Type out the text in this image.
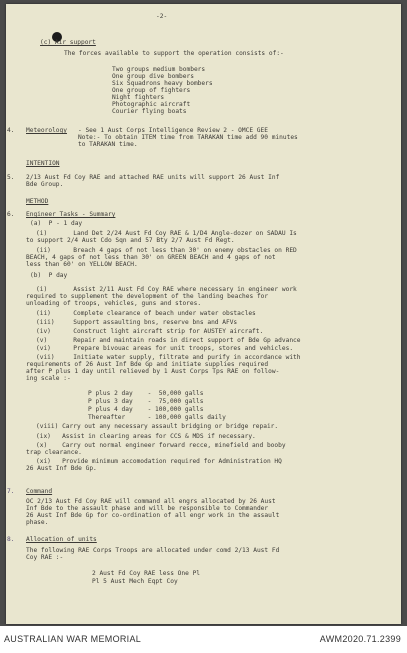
-2-
(c) Air support
The forces available to support the operation consists of:-
Two groups medium bombers
One group dive bombers
Six Squadrons heavy bombers
One group of fighters
Night fighters
Photographic aircraft
Courier flying boats
4. Meteorology - See 1 Aust Corps Intelligence Review 2 - OMCE GEE
Note:- To obtain ITEM time from TARAKAN time add 90 minutes
to TARAKAN time.
INTENTION
5. 2/13 Aust Fd Coy RAE and attached RAE units will support 26 Aust Inf
Bde Group.
METHOD
6. Engineer Tasks - Summary
(a)  P - 1 day
(i)       Land Det 2/24 Aust Fd Coy RAE & 1/D4 Angle-dozer on SADAU Is
to support 2/4 Aust Cdo Sqn and 57 Bty 2/7 Aust Fd Regt.
(ii)      Breach 4 gaps of not less than 30' on enemy obstacles on RED
BEACH, 4 gaps of not less than 30' on GREEN BEACH and 4 gaps of not
less than 60' on YELLOW BEACH.
(b)  P day
(i)       Assist 2/11 Aust Fd Coy RAE where necessary in engineer work
required to supplement the development of the landing beaches for
unloading of troops, vehicles, guns and stores.
(ii)      Complete clearance of beach under water obstacles
(iii)     Support assaulting bns, reserve bns and AFVs
(iv)      Construct light aircraft strip for AUSTEY aircraft.
(v)       Repair and maintain roads in direct support of Bde Gp advance
(vi)      Prepare bivouac areas for unit troops, stores and vehicles.
(vii)     Initiate water supply, filtrate and purify in accordance with
requirements of 26 Aust Inf Bde Gp and initiate supplies required
after P plus 1 day until relieved by 1 Aust Corps Tps RAE on follow-
ing scale :-
P plus 2 day    -  50,000 galls
P plus 3 day    -  75,000 galls
P plus 4 day    - 100,000 galls
Thereafter      - 100,000 galls daily
(viii) Carry out any necessary assault bridging or bridge repair.
(ix)   Assist in clearing areas for CCS & MDS if necessary.
(x)    Carry out normal engineer forward recce, minefield and booby
trap clearance.
(xi)   Provide minimum accomodation required for Administration HQ
26 Aust Inf Bde Gp.
7. Command
OC 2/13 Aust Fd Coy RAE will command all engrs allocated by 26 Aust
Inf Bde to the assault phase and will be responsible to Commander
26 Aust Inf Bde Gp for co-ordination of all engr work in the assault
phase.
8. Allocation of units
The following RAE Corps Troops are allocated under comd 2/13 Aust Fd
Coy RAE :-
2 Aust Fd Coy RAE less One Pl
Pl 5 Aust Mech Eqpt Coy
AUSTRALIAN WAR MEMORIAL	AWM2020.71.2399
